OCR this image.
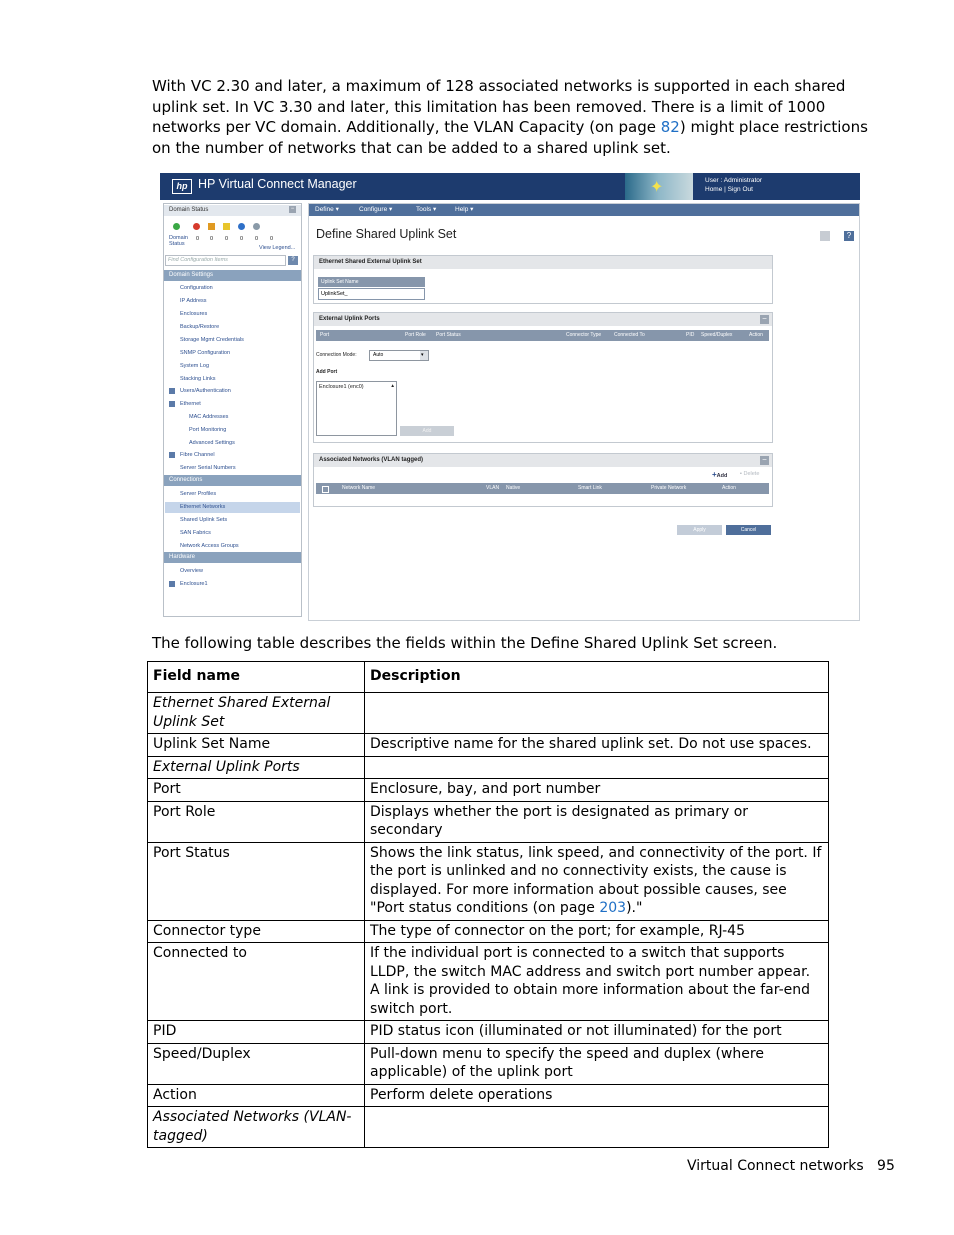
With VC 2.30 and later, a maximum of 128 associated networks is supported in each shared uplink set. In VC 3.30 and later, this limitation has been removed. There is a limit of 1000 networks per VC domain. Additionally, the VLAN Capacity (on page 82) might place restrictions on the number of networks that can be added to a shared uplink set.
hp HP Virtual Connect Manager	✦	User : Administrator
Home | Sign Out
Domain Status	−
Domain Status
0 0 0 0 0 0
View Legend...
Find Configuration Items	?
Domain Settings
Configuration
IP Address
Enclosures
Backup/Restore
Storage Mgmt Credentials
SNMP Configuration
System Log
Stacking Links
Users/Authentication
Ethernet
MAC Addresses
Port Monitoring
Advanced Settings
Fibre Channel
Server Serial Numbers
Connections
Server Profiles
Ethernet Networks
Shared Uplink Sets
SAN Fabrics
Network Access Groups
Hardware
Overview
Enclosure1
Define ▾	Configure ▾	Tools ▾	Help ▾
Define Shared Uplink Set	?
Ethernet Shared External Uplink Set
Uplink Set Name
UplinkSet_
External Uplink Ports	−
Port	Port Role Port Status	Connector Type	Connected To	PID Speed/Duplex	Action
Connection Mode:	Auto	▾
Add Port
Enclosure1 (enc0)	▴
Add
Associated Networks (VLAN tagged)	−
+Add ▪ Delete
Network Name	VLAN Native	Smart Link	Private Network	Action
Apply	Cancel
The following table describes the fields within the Define Shared Uplink Set screen.
Field name	Description
Ethernet Shared External Uplink Set	
Uplink Set Name	Descriptive name for the shared uplink set. Do not use spaces.
External Uplink Ports	
Port	Enclosure, bay, and port number
Port Role	Displays whether the port is designated as primary or secondary
Port Status	Shows the link status, link speed, and connectivity of the port. If the port is unlinked and no connectivity exists, the cause is displayed. For more information about possible causes, see "Port status conditions (on page 203)."
Connector type	The type of connector on the port; for example, RJ-45
Connected to	If the individual port is connected to a switch that supports LLDP, the switch MAC address and switch port number appear. A link is provided to obtain more information about the far-end switch port.
PID	PID status icon (illuminated or not illuminated) for the port
Speed/Duplex	Pull-down menu to specify the speed and duplex (where applicable) of the uplink port
Action	Perform delete operations
Associated Networks (VLAN-tagged)	
Virtual Connect networks 95
